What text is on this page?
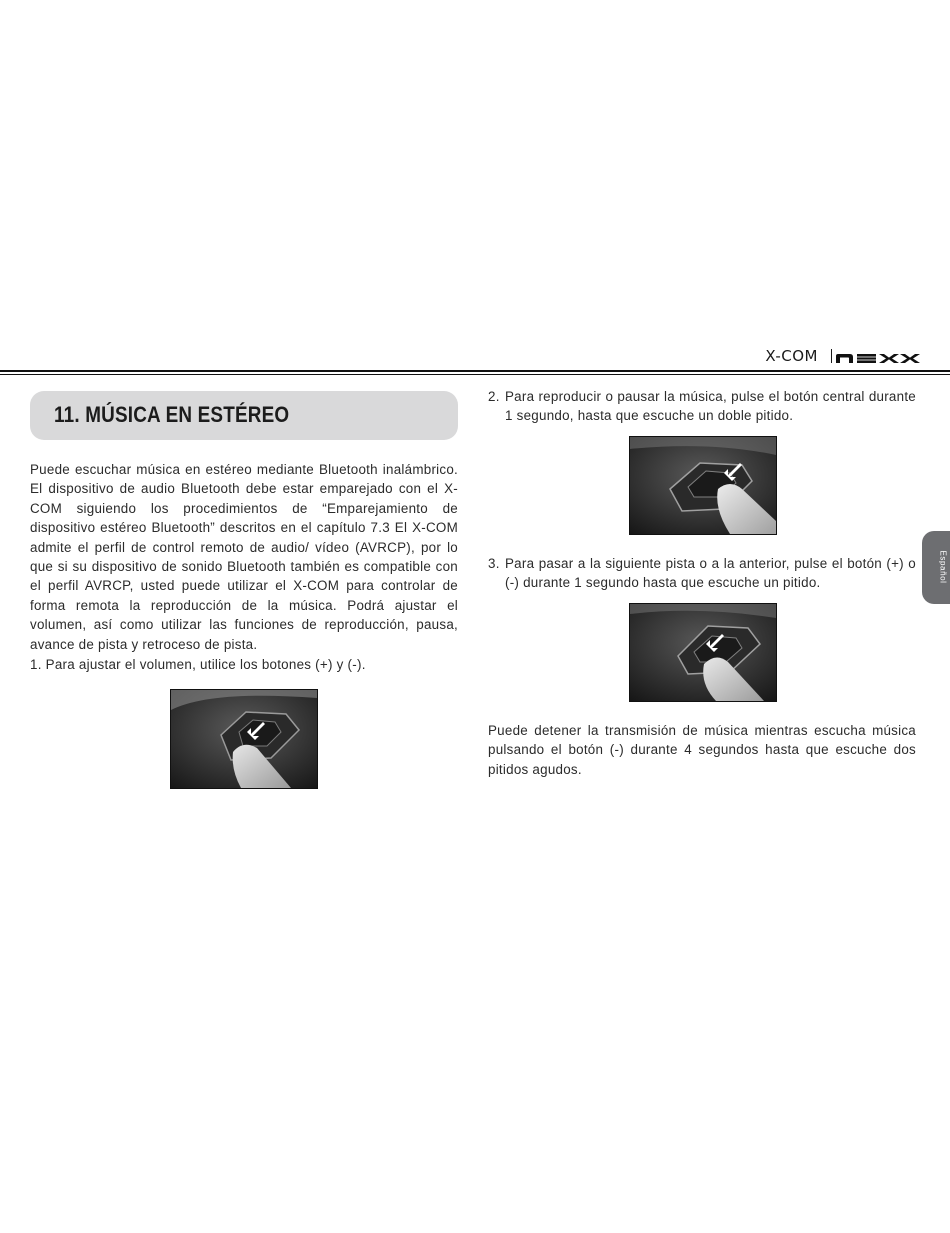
X-COM
11. MÚSICA EN ESTÉREO

Puede escuchar música en estéreo mediante Bluetooth inalámbrico. El dispositivo de audio Bluetooth debe estar emparejado con el X-COM siguiendo los procedimientos de “Emparejamiento de dispositivo estéreo Bluetooth” descritos en el capítulo 7.3 El X-COM admite el perfil de control remoto de audio/ vídeo (AVRCP), por lo que si su dispositivo de sonido Bluetooth también es compatible con el perfil AVRCP, usted puede utilizar el X-COM para controlar de forma remota la reproducción de la música. Podrá ajustar el volumen, así como utilizar las funciones de reproducción, pausa, avance de pista y retroceso de pista.

1. Para ajustar el volumen, utilice los botones (+) y (-).
2. Para reproducir o pausar la música, pulse el botón central durante 1 segundo, hasta que escuche un doble pitido.
3. Para pasar a la siguiente pista o a la anterior, pulse el botón (+) o (-) durante 1 segundo hasta que escuche un pitido.

Puede detener la transmisión de música mientras escucha música pulsando el botón (-) durante 4 segundos hasta que escuche dos pitidos agudos.

Español
